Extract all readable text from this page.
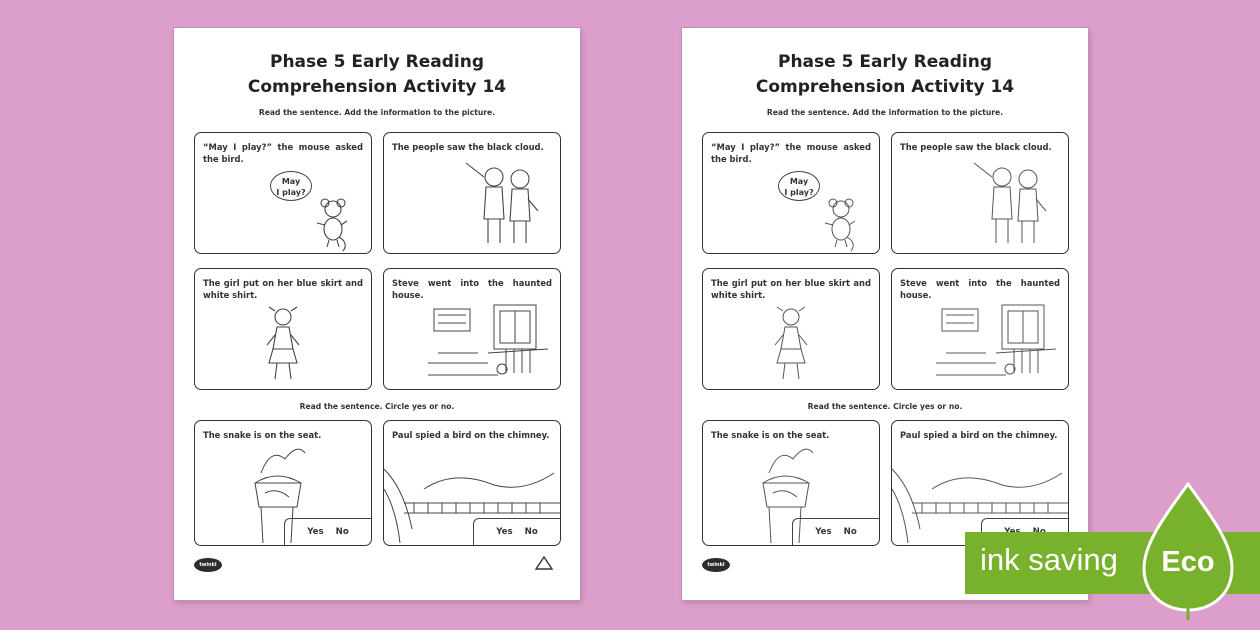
Phase 5 Early Reading
Comprehension Activity 14
Read the sentence. Add the information to the picture.
“May I play?” the mouse asked the bird.
May
I play?
The people saw the black cloud.
The girl put on her blue skirt and white shirt.
Steve went into the haunted house.
Read the sentence. Circle yes or no.
The snake is on the seat.
Yes No
Paul spied a bird on the chimney.
Yes No
twinkl
Phase 5 Early Reading
Comprehension Activity 14
Read the sentence. Add the information to the picture.
“May I play?” the mouse asked the bird.
May
I play?
The people saw the black cloud.
The girl put on her blue skirt and white shirt.
Steve went into the haunted house.
Read the sentence. Circle yes or no.
The snake is on the seat.
Yes No
Paul spied a bird on the chimney.
twinkl	ink saving Eco
